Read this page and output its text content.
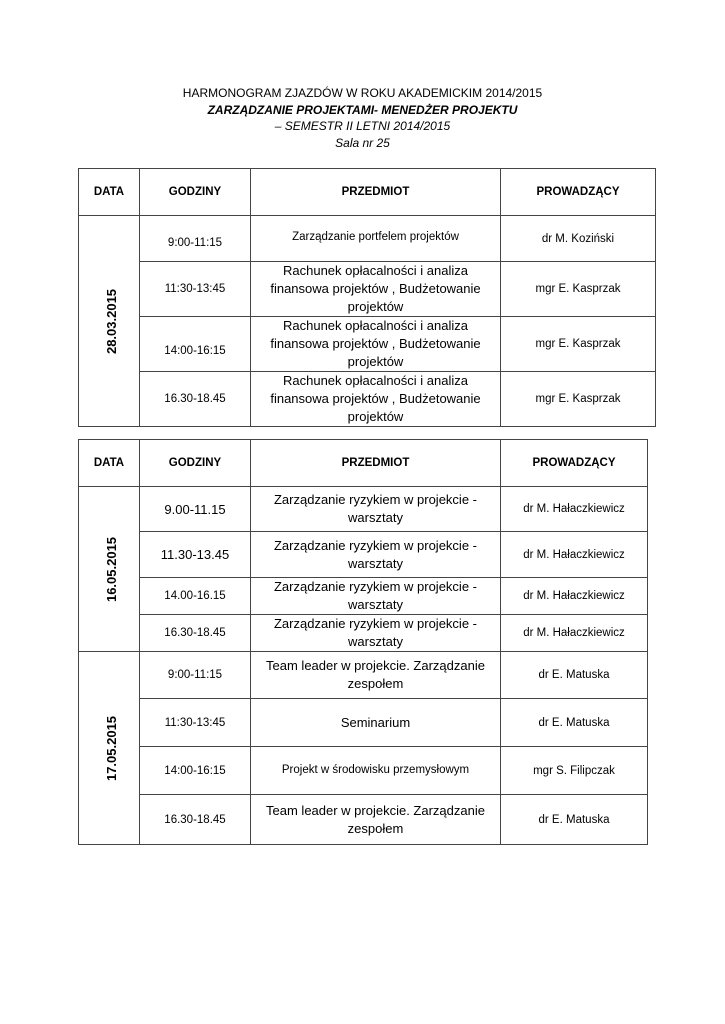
HARMONOGRAM ZJAZDÓW W ROKU AKADEMICKIM 2014/2015
ZARZĄDZANIE PROJEKTAMI- MENEDŻER PROJEKTU
– SEMESTR II LETNI 2014/2015
Sala nr 25
DATA	GODZINY	PRZEDMIOT	PROWADZĄCY
28.03.2015	9:00-11:15	Zarządzanie portfelem projektów	dr M. Koziński
	11:30-13:45	Rachunek opłacalności i analiza finansowa projektów , Budżetowanie projektów	mgr E. Kasprzak
	14:00-16:15	Rachunek opłacalności i analiza finansowa projektów , Budżetowanie projektów	mgr E. Kasprzak
	16.30-18.45	Rachunek opłacalności i analiza finansowa projektów , Budżetowanie projektów	mgr E. Kasprzak
DATA	GODZINY	PRZEDMIOT	PROWADZĄCY
16.05.2015	9.00-11.15	Zarządzanie ryzykiem w projekcie - warsztaty	dr M. Hałaczkiewicz
	11.30-13.45	Zarządzanie ryzykiem w projekcie - warsztaty	dr M. Hałaczkiewicz
	14.00-16.15	Zarządzanie ryzykiem w projekcie - warsztaty	dr M. Hałaczkiewicz
	16.30-18.45	Zarządzanie ryzykiem w projekcie - warsztaty	dr M. Hałaczkiewicz
17.05.2015	9:00-11:15	Team leader w projekcie. Zarządzanie zespołem	dr E. Matuska
	11:30-13:45	Seminarium	dr E. Matuska
	14:00-16:15	Projekt w środowisku przemysłowym	mgr S. Filipczak
	16.30-18.45	Team leader w projekcie. Zarządzanie zespołem	dr E. Matuska
